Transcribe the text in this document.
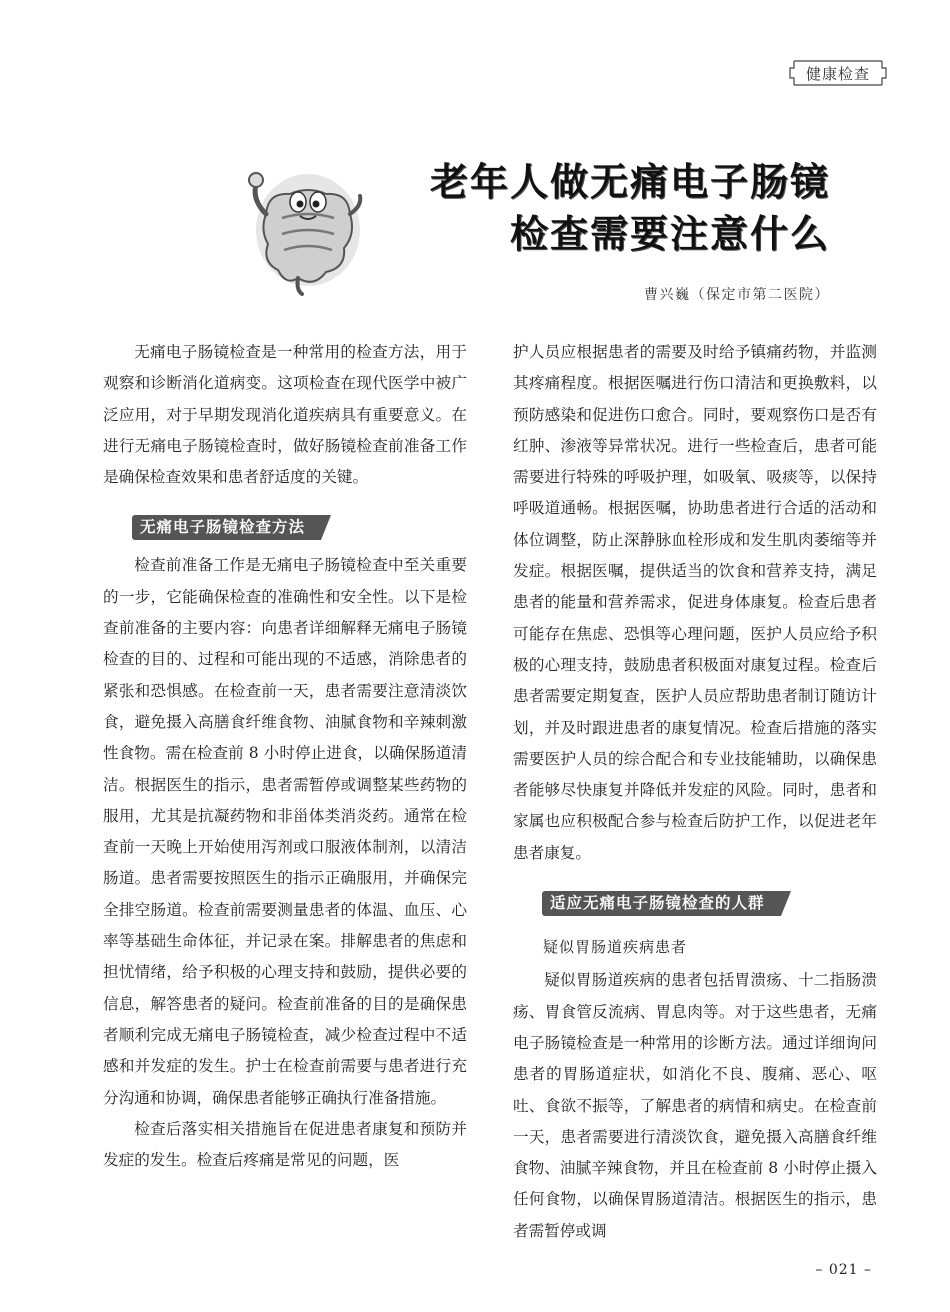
健康检查
老年人做无痛电子肠镜
检查需要注意什么
曹兴巍（保定市第二医院）

无痛电子肠镜检查是一种常用的检查方法，用于观察和诊断消化道病变。这项检查在现代医学中被广泛应用，对于早期发现消化道疾病具有重要意义。在进行无痛电子肠镜检查时，做好肠镜检查前准备工作是确保检查效果和患者舒适度的关键。

无痛电子肠镜检查方法

检查前准备工作是无痛电子肠镜检查中至关重要的一步，它能确保检查的准确性和安全性。以下是检查前准备的主要内容：向患者详细解释无痛电子肠镜检查的目的、过程和可能出现的不适感，消除患者的紧张和恐惧感。在检查前一天，患者需要注意清淡饮食，避免摄入高膳食纤维食物、油腻食物和辛辣刺激性食物。需在检查前 8 小时停止进食，以确保肠道清洁。根据医生的指示，患者需暂停或调整某些药物的服用，尤其是抗凝药物和非甾体类消炎药。通常在检查前一天晚上开始使用泻剂或口服液体制剂，以清洁肠道。患者需要按照医生的指示正确服用，并确保完全排空肠道。检查前需要测量患者的体温、血压、心率等基础生命体征，并记录在案。排解患者的焦虑和担忧情绪，给予积极的心理支持和鼓励，提供必要的信息，解答患者的疑问。检查前准备的目的是确保患者顺利完成无痛电子肠镜检查，减少检查过程中不适感和并发症的发生。护士在检查前需要与患者进行充分沟通和协调，确保患者能够正确执行准备措施。

检查后落实相关措施旨在促进患者康复和预防并发症的发生。检查后疼痛是常见的问题，医

护人员应根据患者的需要及时给予镇痛药物，并监测其疼痛程度。根据医嘱进行伤口清洁和更换敷料，以预防感染和促进伤口愈合。同时，要观察伤口是否有红肿、渗液等异常状况。进行一些检查后，患者可能需要进行特殊的呼吸护理，如吸氧、吸痰等，以保持呼吸道通畅。根据医嘱，协助患者进行合适的活动和体位调整，防止深静脉血栓形成和发生肌肉萎缩等并发症。根据医嘱，提供适当的饮食和营养支持，满足患者的能量和营养需求，促进身体康复。检查后患者可能存在焦虑、恐惧等心理问题，医护人员应给予积极的心理支持，鼓励患者积极面对康复过程。检查后患者需要定期复查，医护人员应帮助患者制订随访计划，并及时跟进患者的康复情况。检查后措施的落实需要医护人员的综合配合和专业技能辅助，以确保患者能够尽快康复并降低并发症的风险。同时，患者和家属也应积极配合参与检查后防护工作，以促进老年患者康复。

适应无痛电子肠镜检查的人群

疑似胃肠道疾病患者

疑似胃肠道疾病的患者包括胃溃疡、十二指肠溃疡、胃食管反流病、胃息肉等。对于这些患者，无痛电子肠镜检查是一种常用的诊断方法。通过详细询问患者的胃肠道症状，如消化不良、腹痛、恶心、呕吐、食欲不振等，了解患者的病情和病史。在检查前一天，患者需要进行清淡饮食，避免摄入高膳食纤维食物、油腻辛辣食物，并且在检查前 8 小时停止摄入任何食物，以确保胃肠道清洁。根据医生的指示，患者需暂停或调

– 021 –
